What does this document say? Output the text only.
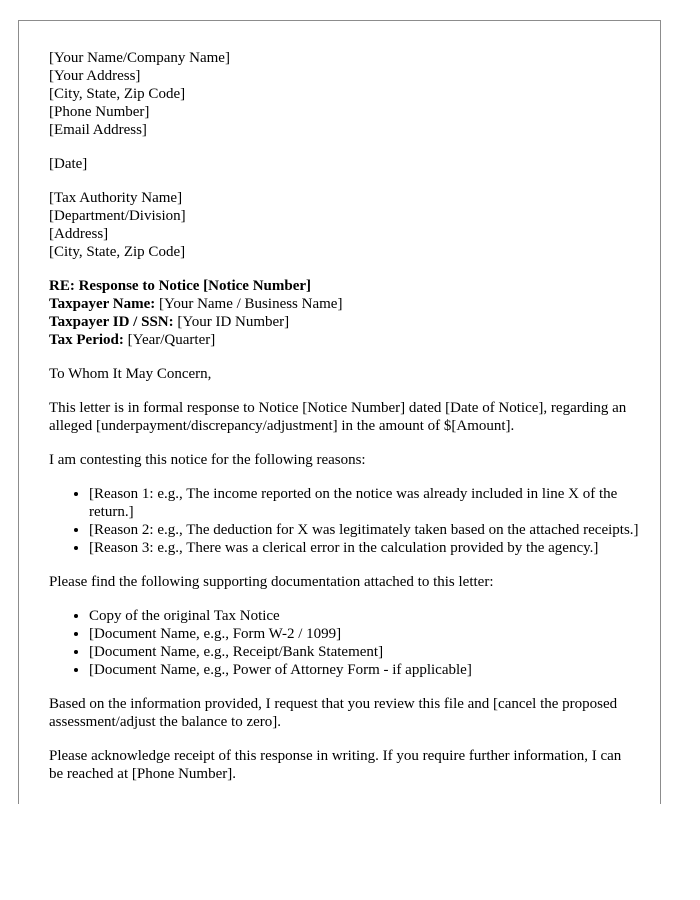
[Your Name/Company Name]
[Your Address]
[City, State, Zip Code]
[Phone Number]
[Email Address]
[Date]
[Tax Authority Name]
[Department/Division]
[Address]
[City, State, Zip Code]
RE: Response to Notice [Notice Number]
Taxpayer Name: [Your Name / Business Name]
Taxpayer ID / SSN: [Your ID Number]
Tax Period: [Year/Quarter]

To Whom It May Concern,

This letter is in formal response to Notice [Notice Number] dated [Date of Notice], regarding an alleged [underpayment/discrepancy/adjustment] in the amount of $[Amount].

I am contesting this notice for the following reasons:

• [Reason 1: e.g., The income reported on the notice was already included in line X of the return.]
• [Reason 2: e.g., The deduction for X was legitimately taken based on the attached receipts.]
• [Reason 3: e.g., There was a clerical error in the calculation provided by the agency.]

Please find the following supporting documentation attached to this letter:

• Copy of the original Tax Notice
• [Document Name, e.g., Form W-2 / 1099]
• [Document Name, e.g., Receipt/Bank Statement]
• [Document Name, e.g., Power of Attorney Form - if applicable]

Based on the information provided, I request that you review this file and [cancel the proposed assessment/adjust the balance to zero].

Please acknowledge receipt of this response in writing. If you require further information, I can be reached at [Phone Number].
